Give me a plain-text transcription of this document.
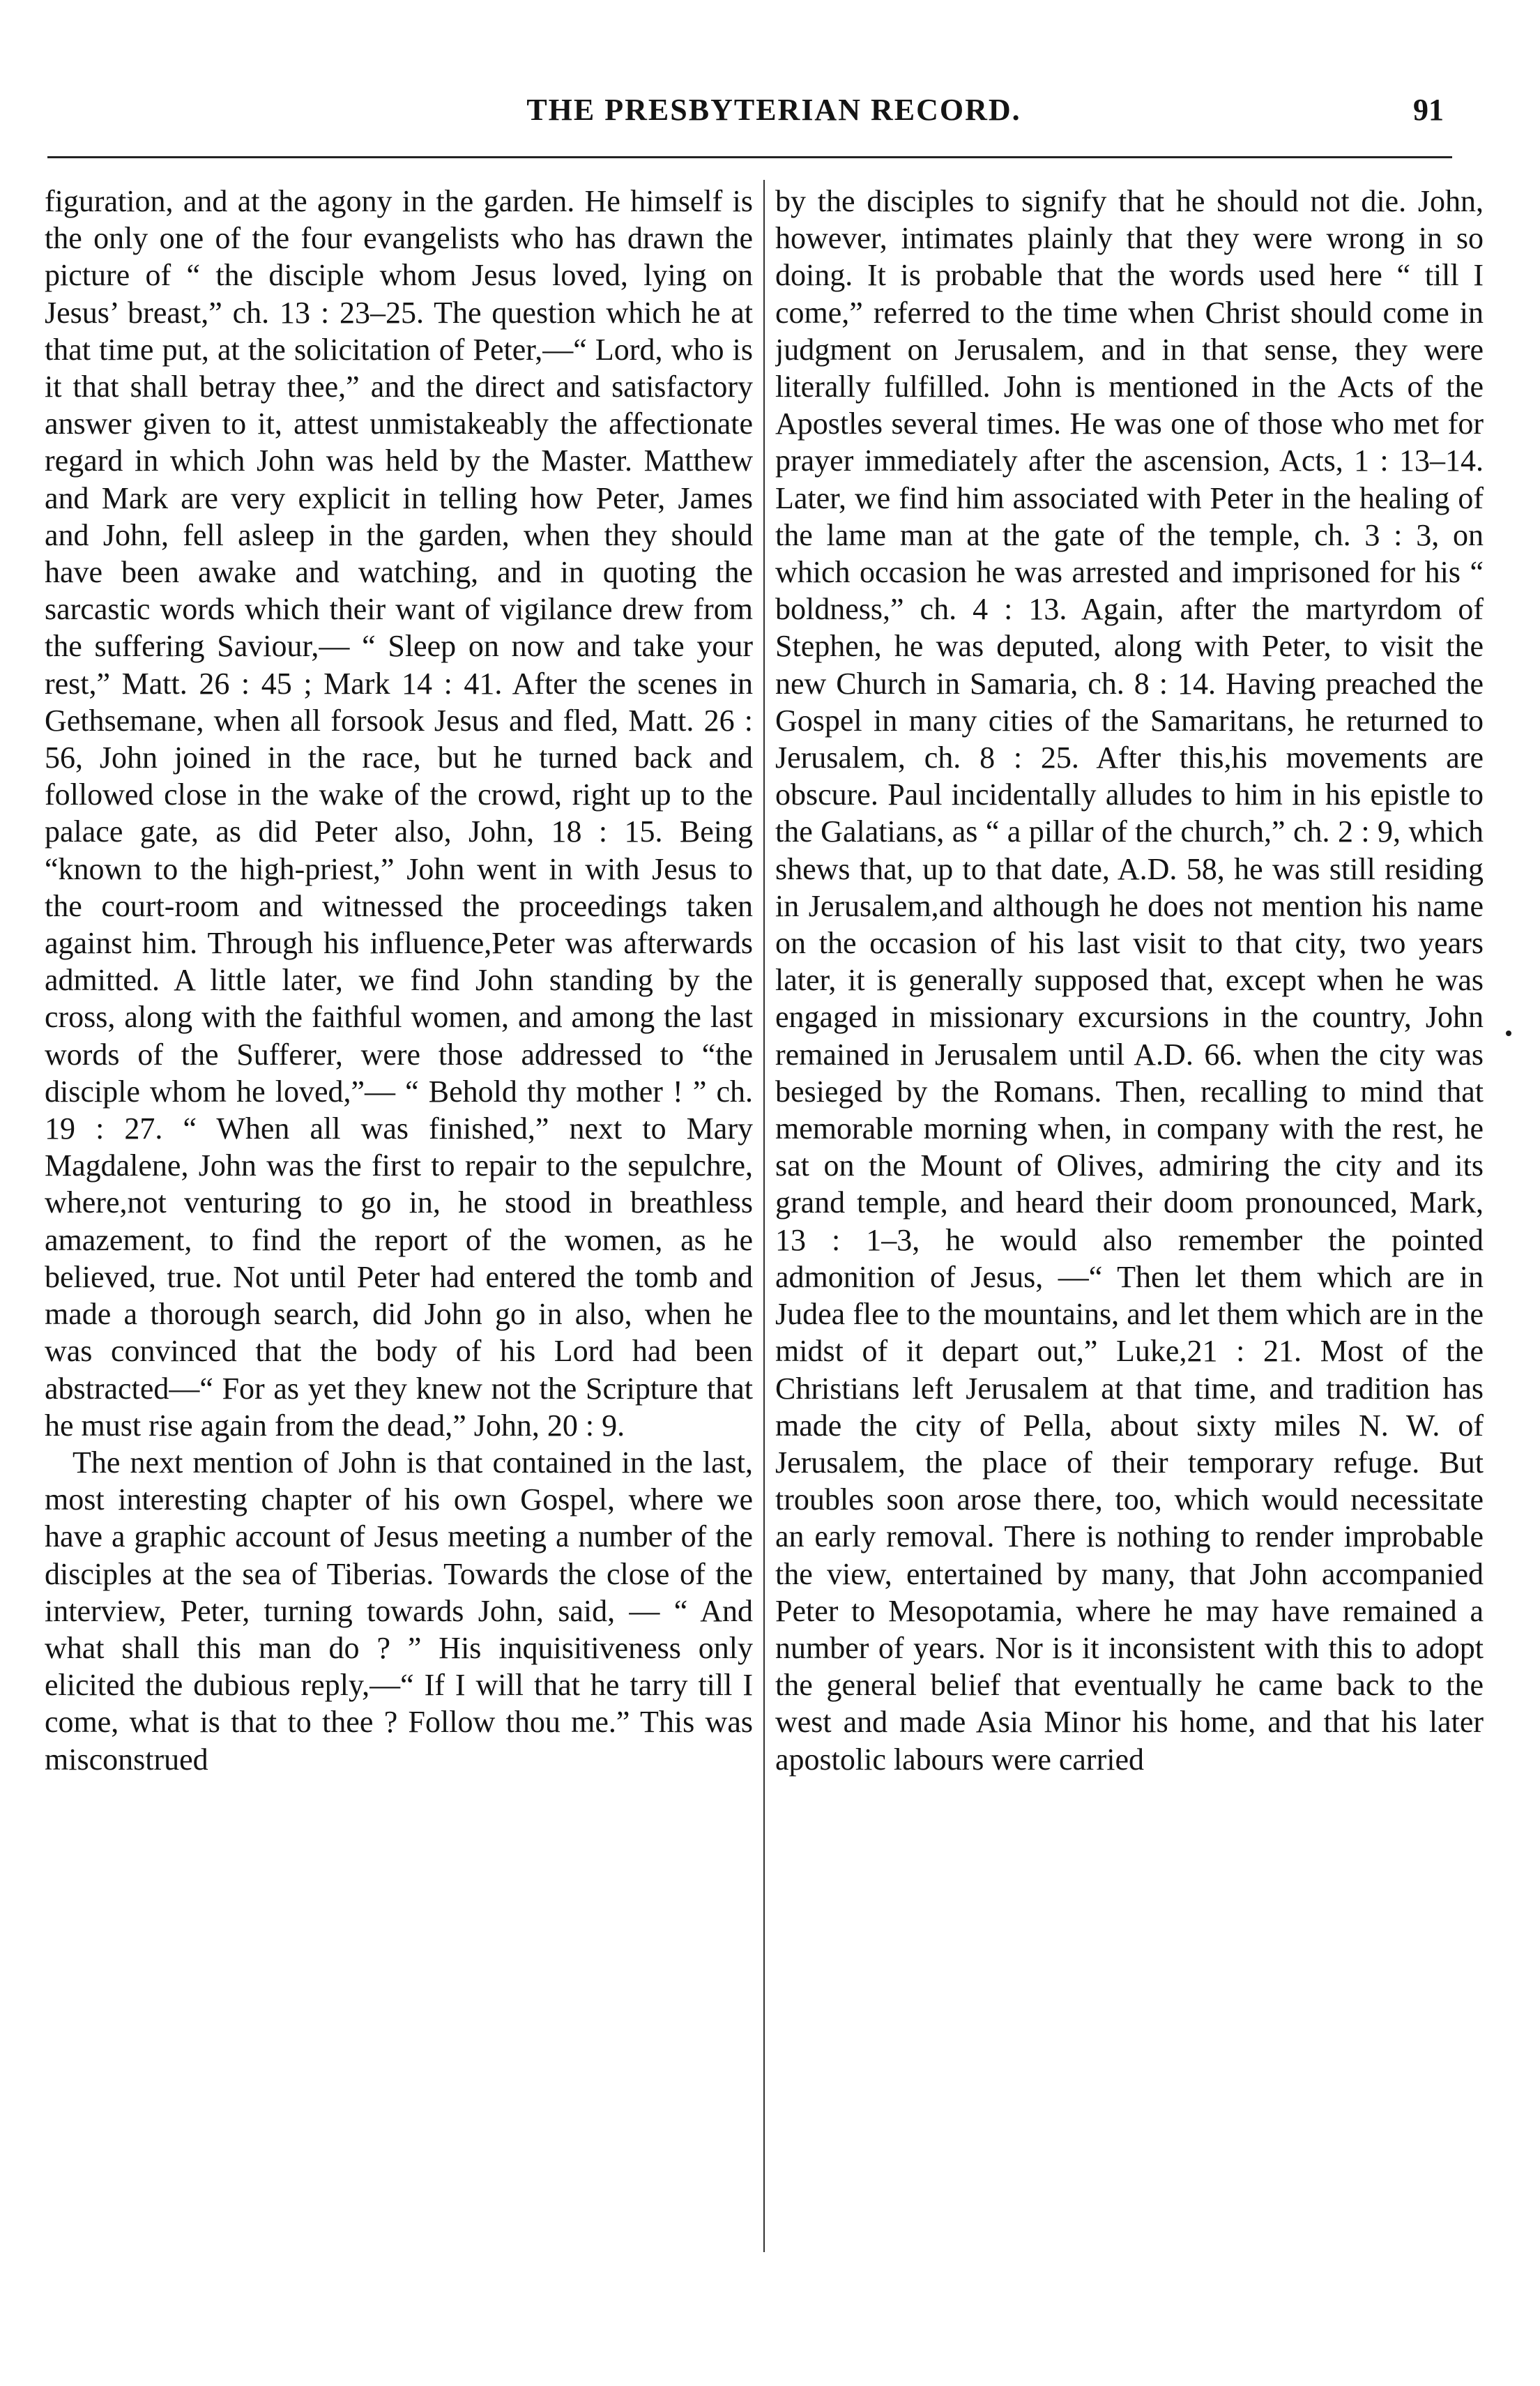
THE PRESBYTERIAN RECORD.	91

figuration, and at the agony in the garden. He himself is the only one of the four evangelists who has drawn the picture of “ the disciple whom Jesus loved, lying on Jesus’ breast,” ch. 13 : 23–25. The question which he at that time put, at the solicitation of Peter,—“ Lord, who is it that shall betray thee,” and the direct and satisfactory answer given to it, attest unmistakeably the affectionate regard in which John was held by the Master. Matthew and Mark are very explicit in telling how Peter, James and John, fell asleep in the garden, when they should have been awake and watching, and in quoting the sarcastic words which their want of vigilance drew from the suffering Saviour,— “ Sleep on now and take your rest,” Matt. 26 : 45 ; Mark 14 : 41. After the scenes in Gethsemane, when all forsook Jesus and fled, Matt. 26 : 56, John joined in the race, but he turned back and followed close in the wake of the crowd, right up to the palace gate, as did Peter also, John, 18 : 15. Being “known to the high-priest,” John went in with Jesus to the court-room and witnessed the proceedings taken against him. Through his influence,Peter was afterwards admitted. A little later, we find John standing by the cross, along with the faithful women, and among the last words of the Sufferer, were those addressed to “the disciple whom he loved,”— “ Behold thy mother ! ” ch. 19 : 27. “ When all was finished,” next to Mary Magdalene, John was the first to repair to the sepulchre, where,not venturing to go in, he stood in breathless amazement, to find the report of the women, as he believed, true. Not until Peter had entered the tomb and made a thorough search, did John go in also, when he was convinced that the body of his Lord had been abstracted—“ For as yet they knew not the Scripture that he must rise again from the dead,” John, 20 : 9.

The next mention of John is that contained in the last, most interesting chapter of his own Gospel, where we have a graphic account of Jesus meeting a number of the disciples at the sea of Tiberias. Towards the close of the interview, Peter, turning towards John, said, — “ And what shall this man do ? ” His inquisitiveness only elicited the dubious reply,—“ If I will that he tarry till I come, what is that to thee ? Follow thou me.” This was misconstrued

by the disciples to signify that he should not die. John, however, intimates plainly that they were wrong in so doing. It is probable that the words used here “ till I come,” referred to the time when Christ should come in judgment on Jerusalem, and in that sense, they were literally fulfilled. John is mentioned in the Acts of the Apostles several times. He was one of those who met for prayer immediately after the ascension, Acts, 1 : 13–14. Later, we find him associated with Peter in the healing of the lame man at the gate of the temple, ch. 3 : 3, on which occasion he was arrested and imprisoned for his “ boldness,” ch. 4 : 13. Again, after the martyrdom of Stephen, he was deputed, along with Peter, to visit the new Church in Samaria, ch. 8 : 14. Having preached the Gospel in many cities of the Samaritans, he returned to Jerusalem, ch. 8 : 25. After this,his movements are obscure. Paul incidentally alludes to him in his epistle to the Galatians, as “ a pillar of the church,” ch. 2 : 9, which shews that, up to that date, A.D. 58, he was still residing in Jerusalem,and although he does not mention his name on the occasion of his last visit to that city, two years later, it is generally supposed that, except when he was engaged in missionary excursions in the country, John remained in Jerusalem until A.D. 66. when the city was besieged by the Romans. Then, recalling to mind that memorable morning when, in company with the rest, he sat on the Mount of Olives, admiring the city and its grand temple, and heard their doom pronounced, Mark, 13 : 1–3, he would also remember the pointed admonition of Jesus, —“ Then let them which are in Judea flee to the mountains, and let them which are in the midst of it depart out,” Luke,21 : 21. Most of the Christians left Jerusalem at that time, and tradition has made the city of Pella, about sixty miles N. W. of Jerusalem, the place of their temporary refuge. But troubles soon arose there, too, which would necessitate an early removal. There is nothing to render improbable the view, entertained by many, that John accompanied Peter to Mesopotamia, where he may have remained a number of years. Nor is it inconsistent with this to adopt the general belief that eventually he came back to the west and made Asia Minor his home, and that his later apostolic labours were carried
